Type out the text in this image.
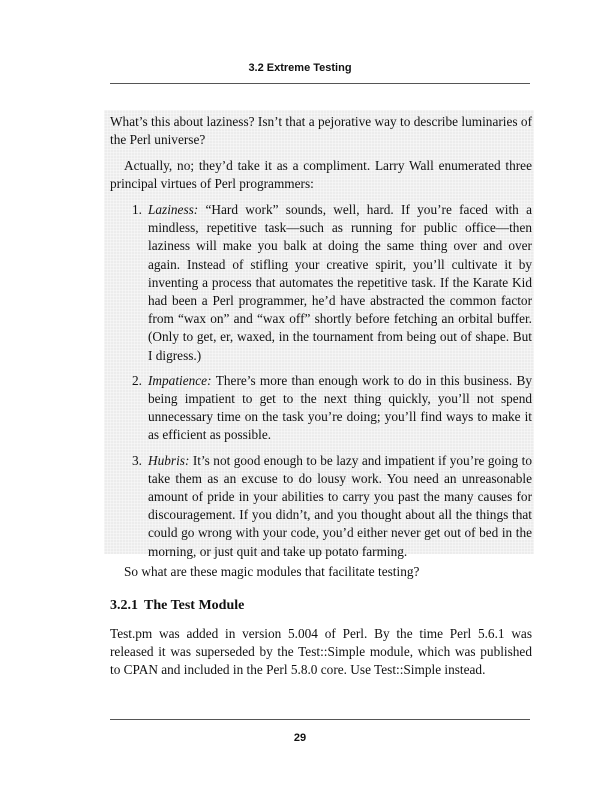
3.2 Extreme Testing

What’s this about laziness? Isn’t that a pejorative way to describe luminaries of the Perl universe?

Actually, no; they’d take it as a compliment. Larry Wall enumerated three principal virtues of Perl programmers:

1. Laziness: “Hard work” sounds, well, hard. If you’re faced with a mindless, repetitive task—such as running for public office—then laziness will make you balk at doing the same thing over and over again. Instead of stifling your creative spirit, you’ll cultivate it by inventing a process that automates the repetitive task. If the Karate Kid had been a Perl programmer, he’d have abstracted the common factor from “wax on” and “wax off” shortly before fetching an orbital buffer. (Only to get, er, waxed, in the tournament from being out of shape. But I digress.)
2. Impatience: There’s more than enough work to do in this business. By being impatient to get to the next thing quickly, you’ll not spend unnecessary time on the task you’re doing; you’ll find ways to make it as efficient as possible.
3. Hubris: It’s not good enough to be lazy and impatient if you’re going to take them as an excuse to do lousy work. You need an unreasonable amount of pride in your abilities to carry you past the many causes for discouragement. If you didn’t, and you thought about all the things that could go wrong with your code, you’d either never get out of bed in the morning, or just quit and take up potato farming.

So what are these magic modules that facilitate testing?

3.2.1 The Test Module

Test.pm was added in version 5.004 of Perl. By the time Perl 5.6.1 was released it was superseded by the Test::Simple module, which was published to CPAN and included in the Perl 5.8.0 core. Use Test::Simple instead.

29
